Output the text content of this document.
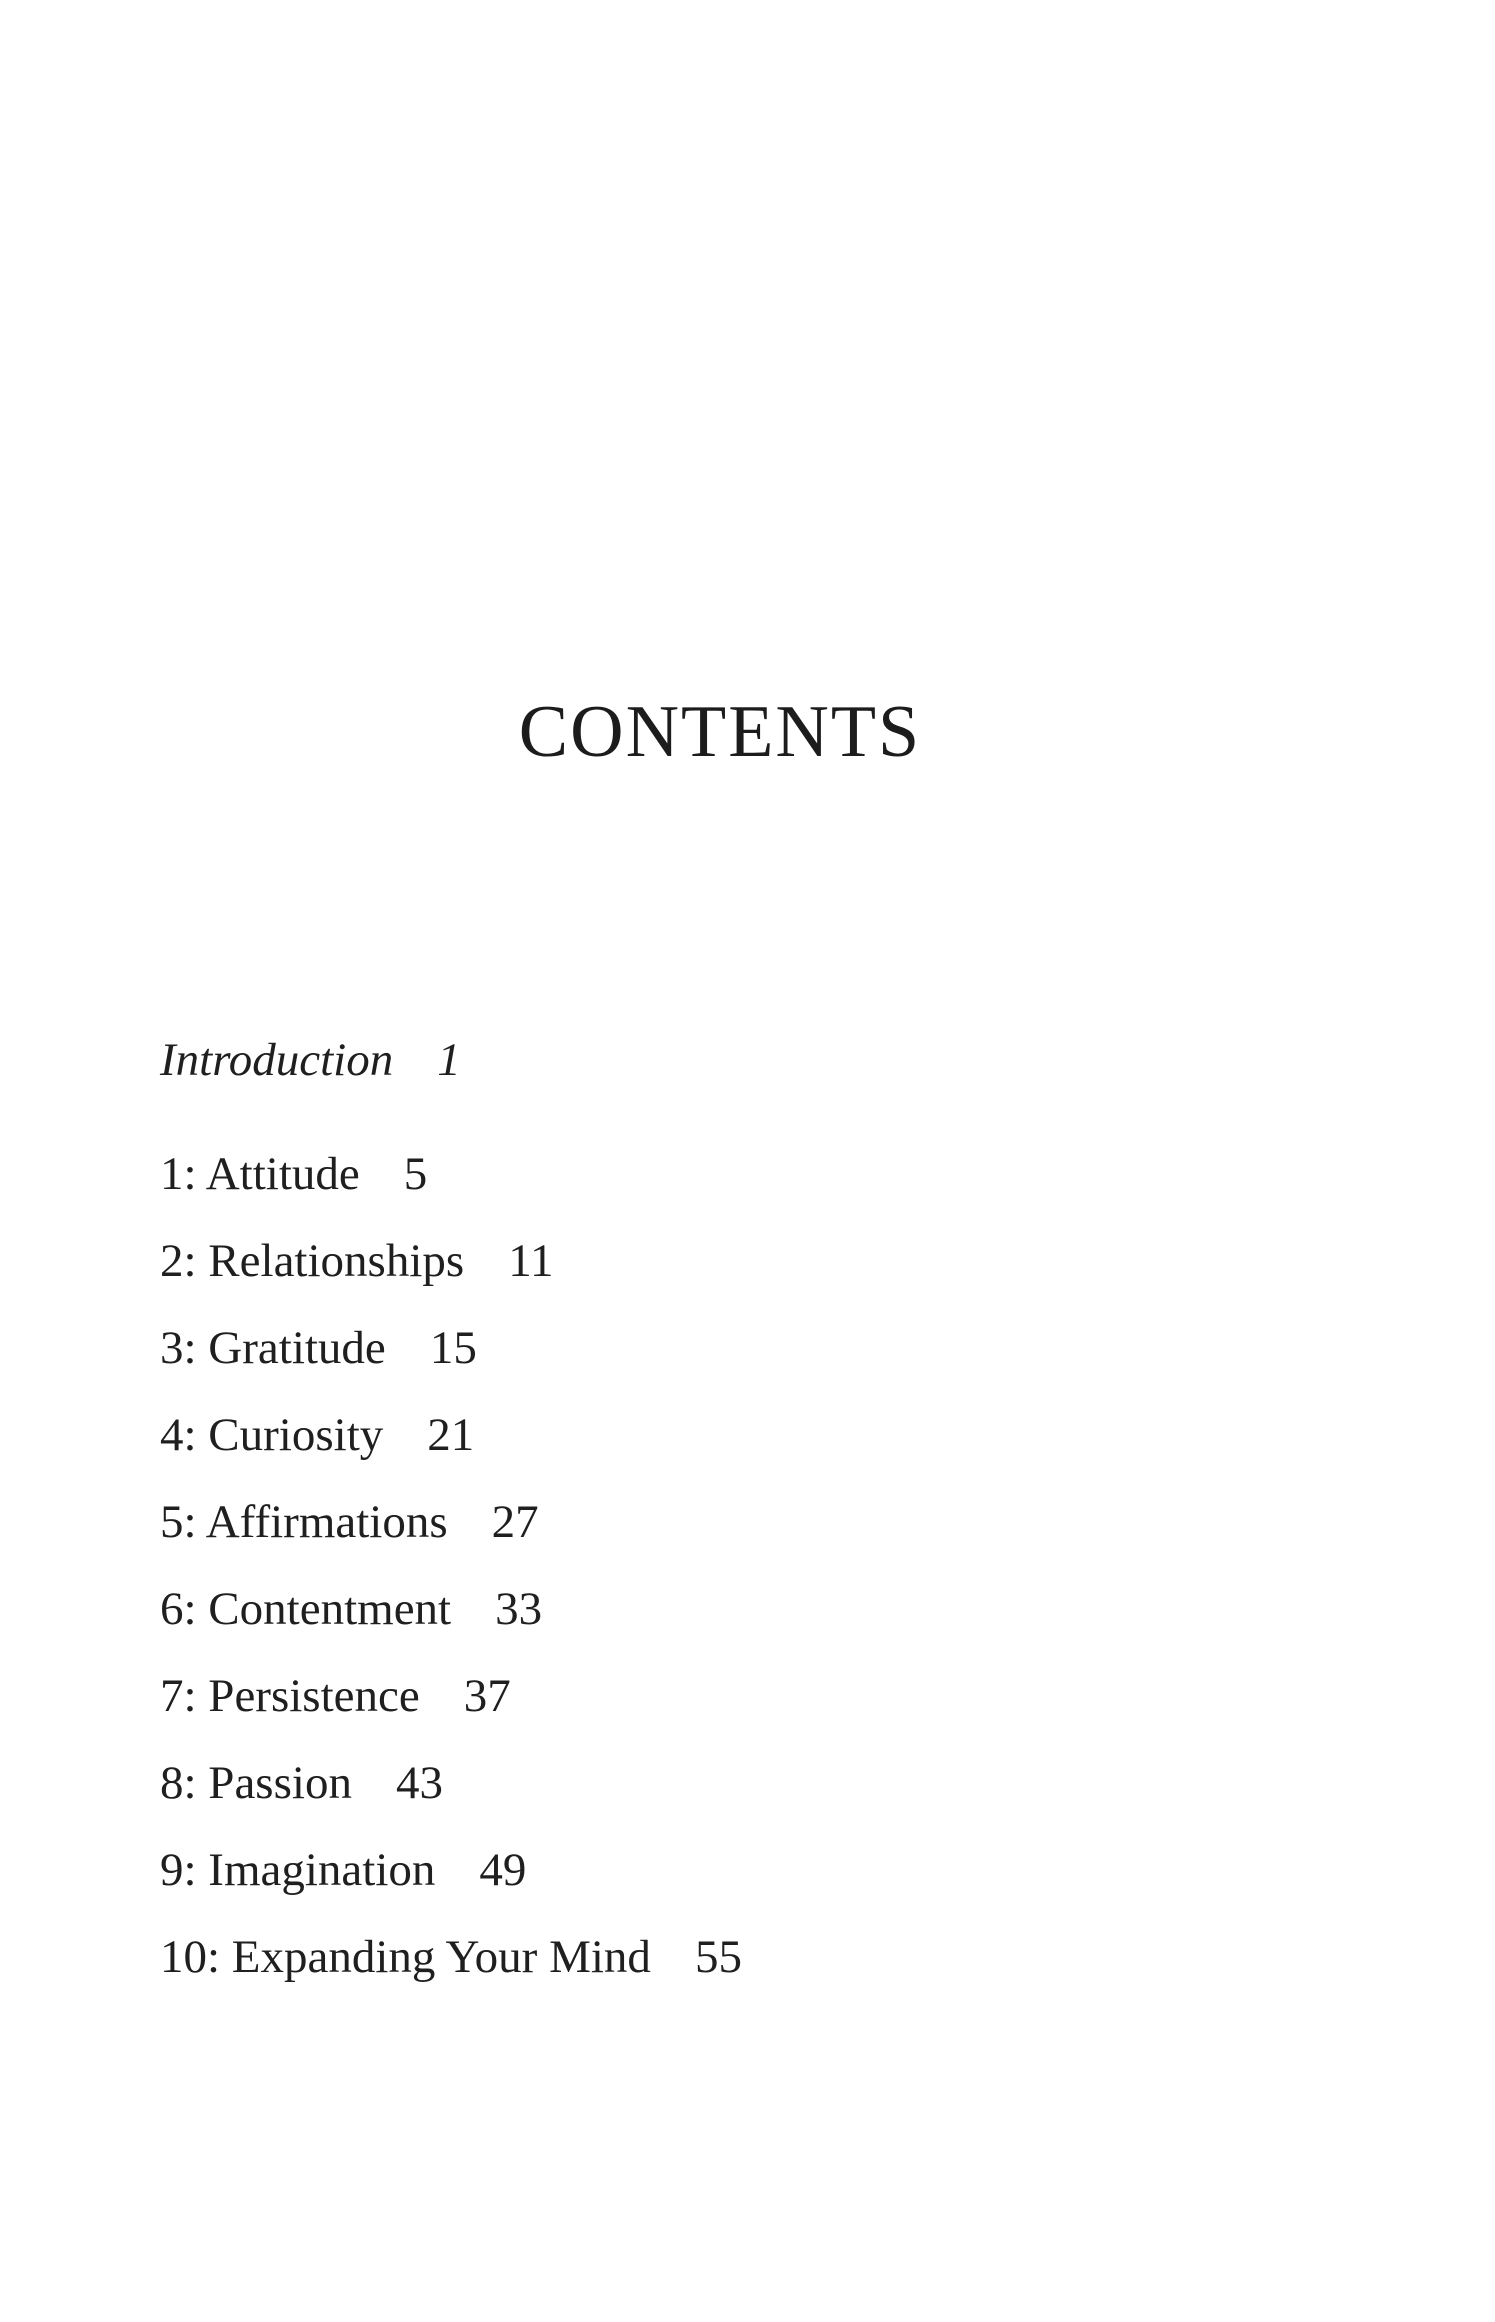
CONTENTS
Introduction 1
1: Attitude 5
2: Relationships 11
3: Gratitude 15
4: Curiosity 21
5: Affirmations 27
6: Contentment 33
7: Persistence 37
8: Passion 43
9: Imagination 49
10: Expanding Your Mind 55
